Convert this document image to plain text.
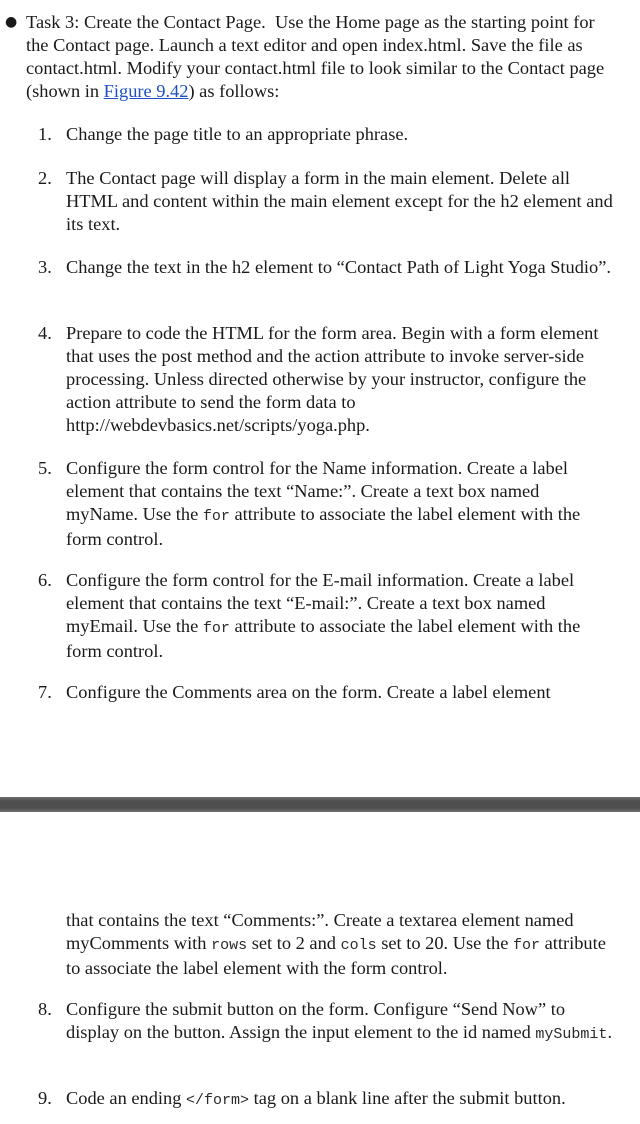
● Task 3: Create the Contact Page.  Use the Home page as the starting point for the Contact page. Launch a text editor and open index.html. Save the file as contact.html. Modify your contact.html file to look similar to the Contact page (shown in Figure 9.42) as follows:
1. Change the page title to an appropriate phrase.
2. The Contact page will display a form in the main element. Delete all HTML and content within the main element except for the h2 element and its text.
3. Change the text in the h2 element to “Contact Path of Light Yoga Studio”.
4. Prepare to code the HTML for the form area. Begin with a form element that uses the post method and the action attribute to invoke server-side processing. Unless directed otherwise by your instructor, configure the action attribute to send the form data to http://webdevbasics.net/scripts/yoga.php.
5. Configure the form control for the Name information. Create a label element that contains the text “Name:”. Create a text box named myName. Use the for attribute to associate the label element with the form control.
6. Configure the form control for the E-mail information. Create a label element that contains the text “E-mail:”. Create a text box named myEmail. Use the for attribute to associate the label element with the form control.
7. Configure the Comments area on the form. Create a label element
that contains the text “Comments:”. Create a textarea element named myComments with rows set to 2 and cols set to 20. Use the for attribute to associate the label element with the form control.
8. Configure the submit button on the form. Configure “Send Now” to display on the button. Assign the input element to the id named mySubmit.
9. Code an ending </form> tag on a blank line after the submit button.
